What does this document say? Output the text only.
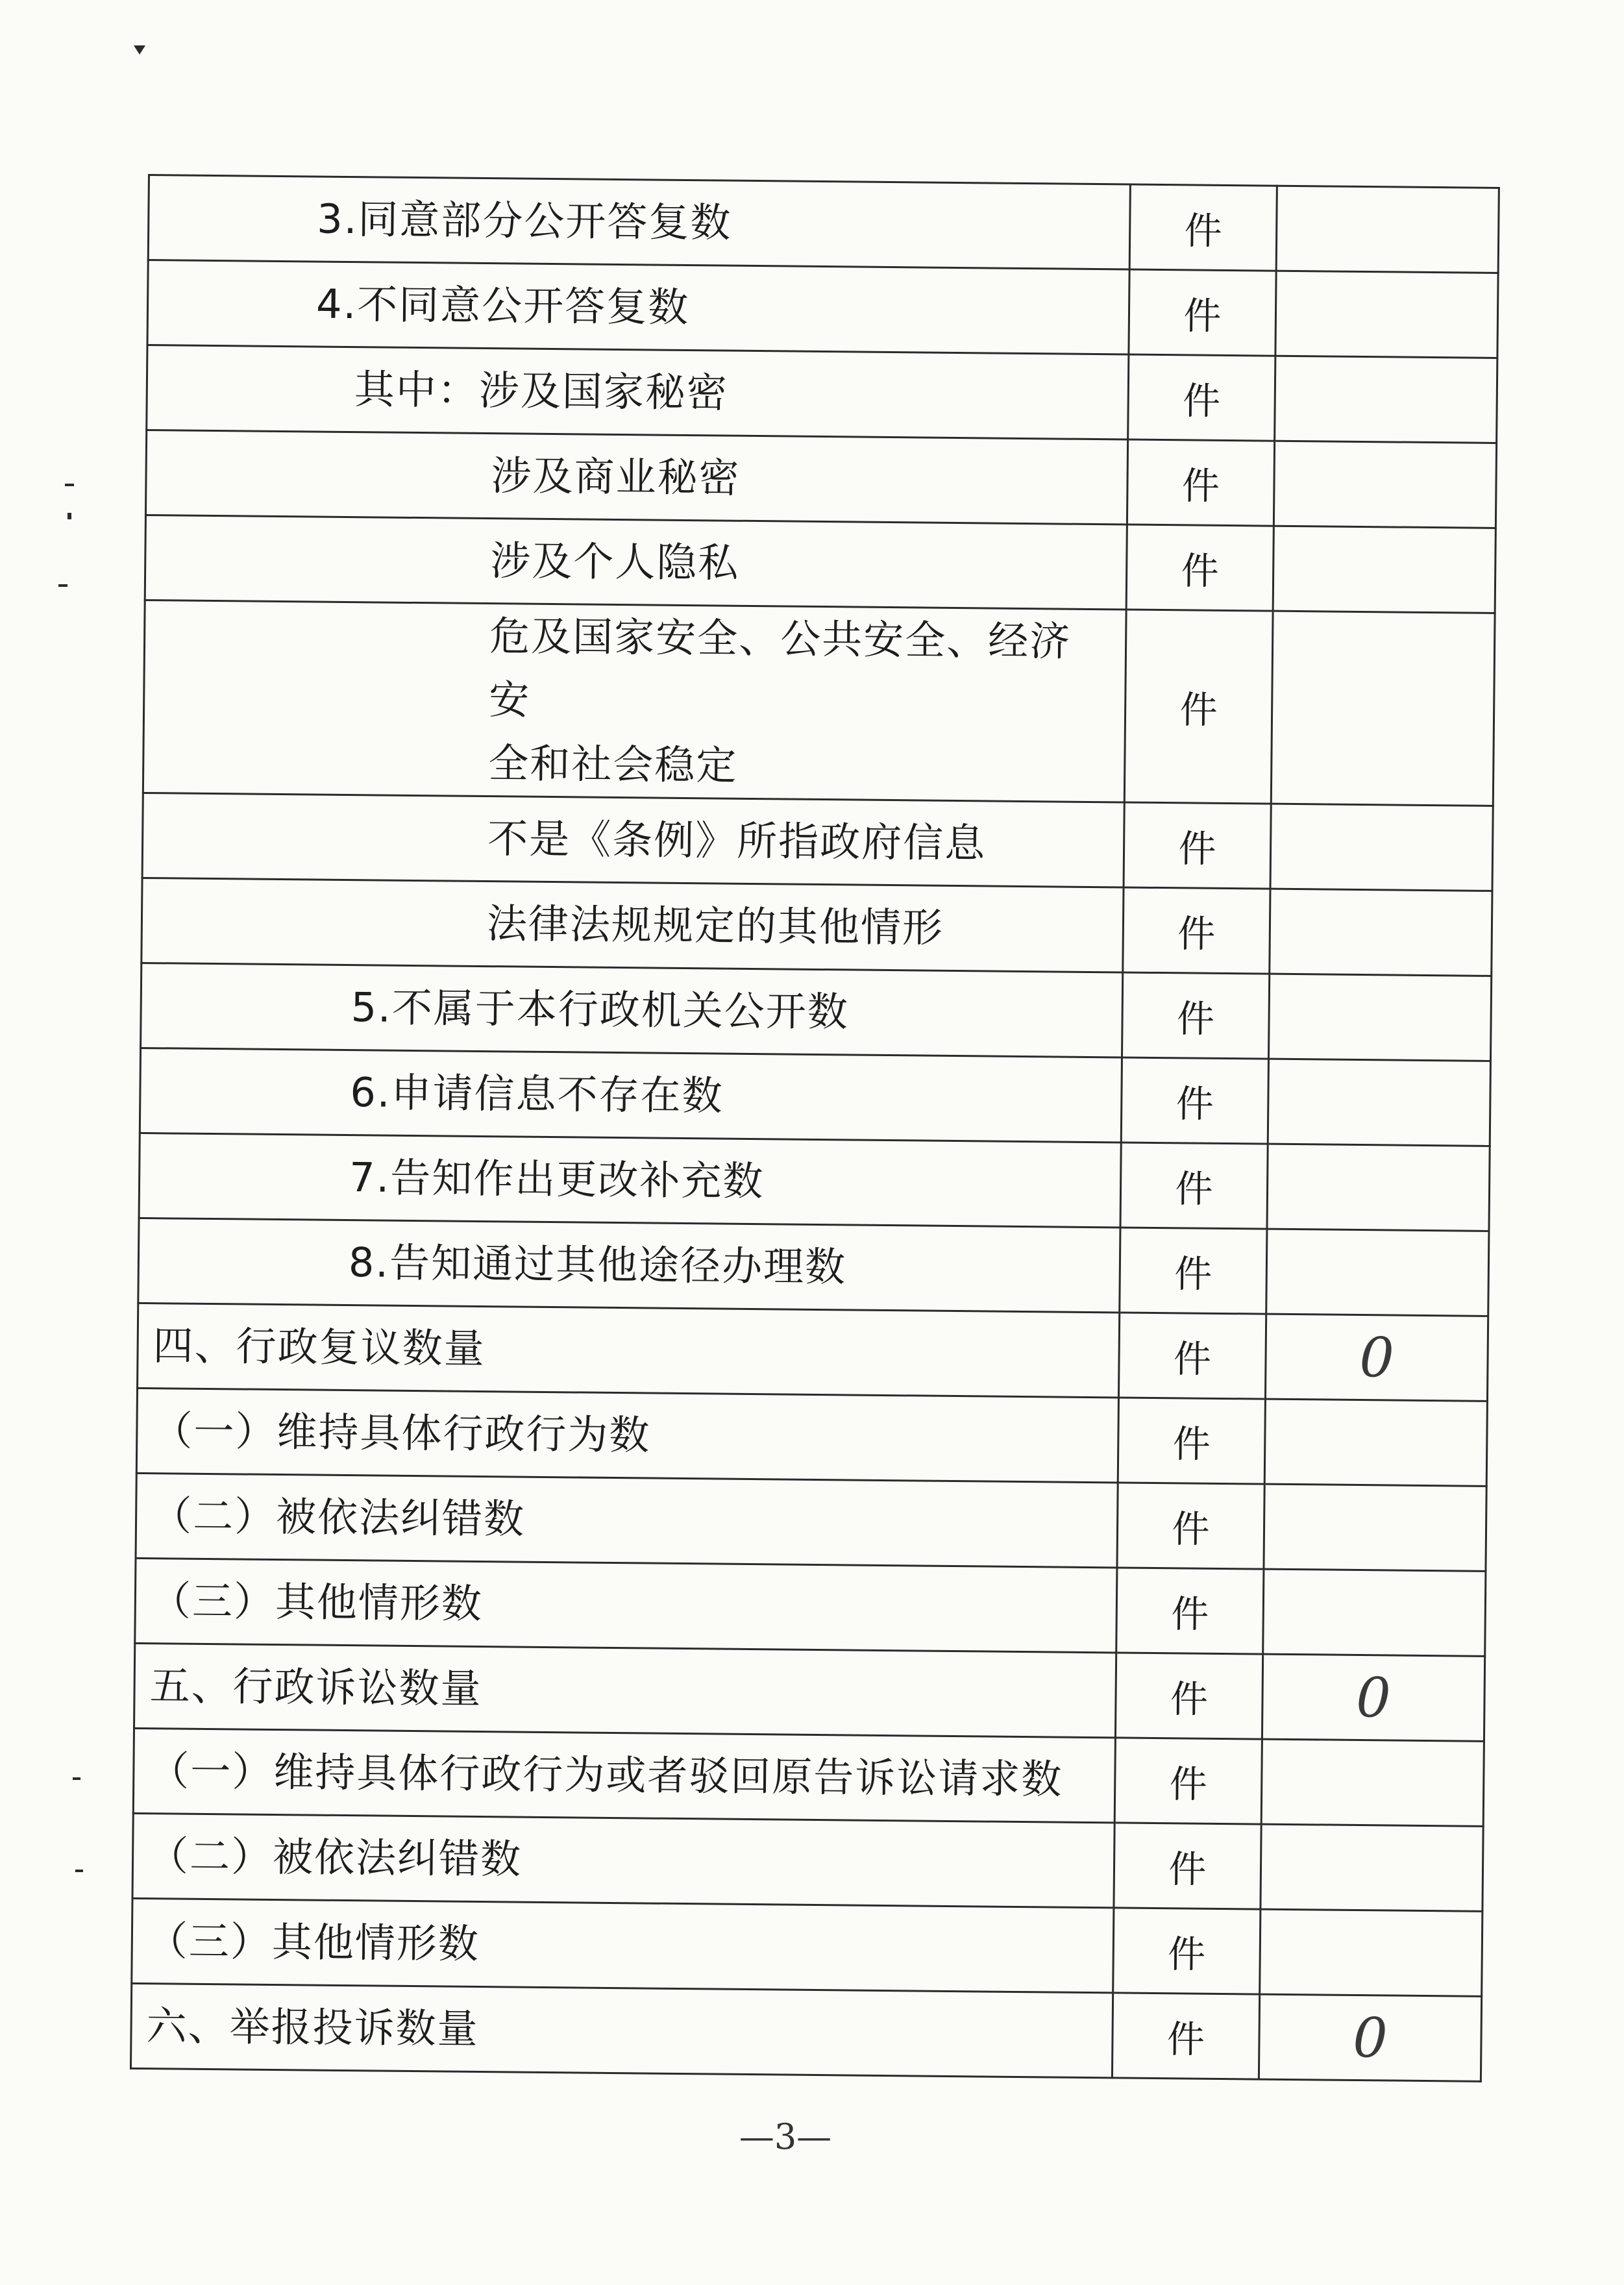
3.同意部分公开答复数	件	
4.不同意公开答复数	件	
其中：涉及国家秘密	件	
涉及商业秘密	件	
涉及个人隐私	件	

危及国家安全、公共安全、经济安
全和社会稳定	件	
不是《条例》所指政府信息	件	
法律法规规定的其他情形	件	
5.不属于本行政机关公开数	件	
6.申请信息不存在数	件	
7.告知作出更改补充数	件	
8.告知通过其他途径办理数	件	
四、行政复议数量	件	0
（一）维持具体行政行为数	件	
（二）被依法纠错数	件	
（三）其他情形数	件	
五、行政诉讼数量	件	0
（一）维持具体行政行为或者驳回原告诉讼请求数	件	
（二）被依法纠错数	件	
（三）其他情形数	件	
六、举报投诉数量	件	0
—3—
